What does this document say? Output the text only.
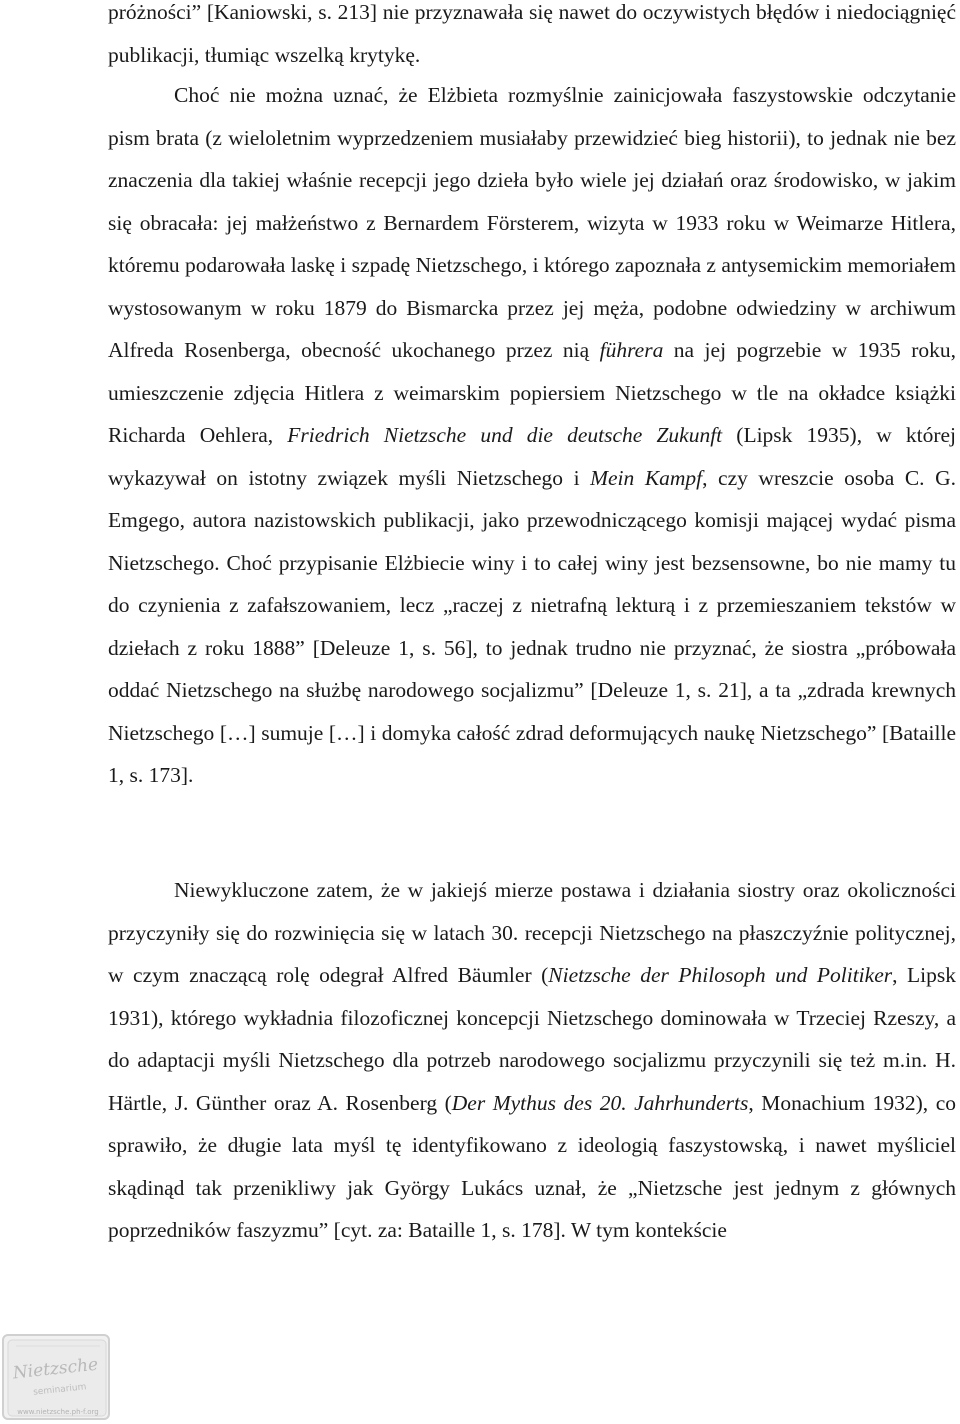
próżności” [Kaniowski, s. 213] nie przyznawała się nawet do oczywistych błędów i niedociągnięć publikacji, tłumiąc wszelką krytykę.

Choć nie można uznać, że Elżbieta rozmyślnie zainicjowała faszystowskie odczytanie pism brata (z wieloletnim wyprzedzeniem musiałaby przewidzieć bieg historii), to jednak nie bez znaczenia dla takiej właśnie recepcji jego dzieła było wiele jej działań oraz środowisko, w jakim się obracała: jej małżeństwo z Bernardem Försterem, wizyta w 1933 roku w Weimarze Hitlera, któremu podarowała laskę i szpadę Nietzschego, i którego zapoznała z antysemickim memoriałem wystosowanym w roku 1879 do Bismarcka przez jej męża, podobne odwiedziny w archiwum Alfreda Rosenberga, obecność ukochanego przez nią führera na jej pogrzebie w 1935 roku, umieszczenie zdjęcia Hitlera z weimarskim popiersiem Nietzschego w tle na okładce książki Richarda Oehlera, Friedrich Nietzsche und die deutsche Zukunft (Lipsk 1935), w której wykazywał on istotny związek myśli Nietzschego i Mein Kampf, czy wreszcie osoba C. G. Emgego, autora nazistowskich publikacji, jako przewodniczącego komisji mającej wydać pisma Nietzschego. Choć przypisanie Elżbiecie winy i to całej winy jest bezsensowne, bo nie mamy tu do czynienia z zafałszowaniem, lecz „raczej z nietrafną lekturą i z przemieszaniem tekstów w dziełach z roku 1888” [Deleuze 1, s. 56], to jednak trudno nie przyznać, że siostra „próbowała oddać Nietzschego na służbę narodowego socjalizmu” [Deleuze 1, s. 21], a ta „zdrada krewnych Nietzschego […] sumuje […] i domyka całość zdrad deformujących naukę Nietzschego” [Bataille 1, s. 173].

Niewykluczone zatem, że w jakiejś mierze postawa i działania siostry oraz okoliczności przyczyniły się do rozwinięcia się w latach 30. recepcji Nietzschego na płaszczyźnie politycznej, w czym znaczącą rolę odegrał Alfred Bäumler (Nietzsche der Philosoph und Politiker, Lipsk 1931), którego wykładnia filozoficznej koncepcji Nietzschego dominowała w Trzeciej Rzeszy, a do adaptacji myśli Nietzschego dla potrzeb narodowego socjalizmu przyczynili się też m.in. H. Härtle, J. Günther oraz A. Rosenberg (Der Mythus des 20. Jahrhunderts, Monachium 1932), co sprawiło, że długie lata myśl tę identyfikowano z ideologią faszystowską, i nawet myśliciel skądinąd tak przenikliwy jak György Lukács uznał, że „Nietzsche jest jednym z głównych poprzedników faszyzmu” [cyt. za: Bataille 1, s. 178]. W tym kontekście

Nietzsche
seminarium
www.nietzsche.ph-f.org
